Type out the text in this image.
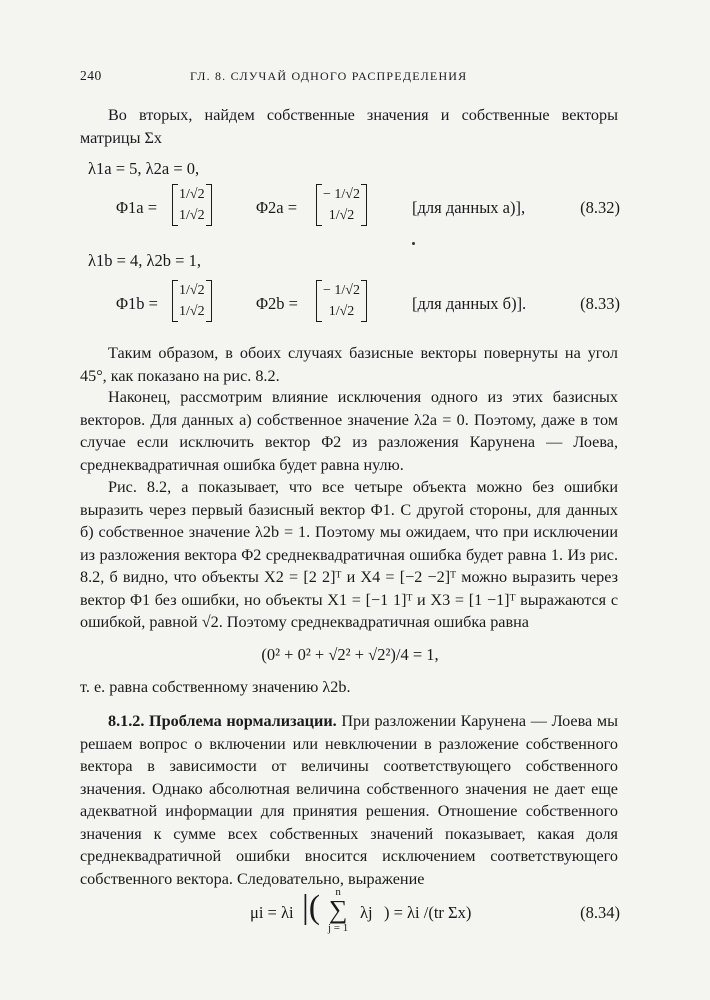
240	ГЛ. 8. СЛУЧАЙ ОДНОГО РАСПРЕДЕЛЕНИЯ
Во вторых, найдем собственные значения и собственные векторы матрицы Σx
λ1a = 5, λ2a = 0,
Φ1a =
1/√2
1/√2	Φ2a =
− 1/√2
1/√2	[для данных a)],	(8.32)
λ1b = 4, λ2b = 1,
Φ1b =
1/√2
1/√2	Φ2b =
− 1/√2
1/√2	[для данных б)].	(8.33)
Таким образом, в обоих случаях базисные векторы повернуты на угол 45°, как показано на рис. 8.2.
Наконец, рассмотрим влияние исключения одного из этих базисных векторов. Для данных а) собственное значение λ2a = 0. Поэтому, даже в том случае если исключить вектор Φ2 из разложения Карунена — Лоева, среднеквадратичная ошибка будет равна нулю.
Рис. 8.2, а показывает, что все четыре объекта можно без ошибки выразить через первый базисный вектор Φ1. С другой стороны, для данных б) собственное значение λ2b = 1. Поэтому мы ожидаем, что при исключении из разложения вектора Φ2 среднеквадратичная ошибка будет равна 1. Из рис. 8.2, б видно, что объекты X2 = [2 2]ᵀ и X4 = [−2 −2]ᵀ можно выразить через вектор Φ1 без ошибки, но объекты X1 = [−1 1]ᵀ и X3 = [1 −1]ᵀ выражаются с ошибкой, равной √2. Поэтому среднеквадратичная ошибка равна
(0² + 0² + √2² + √2²)/4 = 1,
т. е. равна собственному значению λ2b.
8.1.2. Проблема нормализации. При разложении Карунена — Лоева мы решаем вопрос о включении или невключении в разложение собственного вектора в зависимости от величины соответствующего собственного значения. Однако абсолютная величина собственного значения не дает еще адекватной информации для принятия решения. Отношение собственного значения к сумме всех собственных значений показывает, какая доля среднеквадратичной ошибки вносится исключением соответствующего собственного вектора. Следовательно, выражение
μi = λi |(	n
∑
j = 1
λj ) = λi /(tr Σx)	(8.34)
